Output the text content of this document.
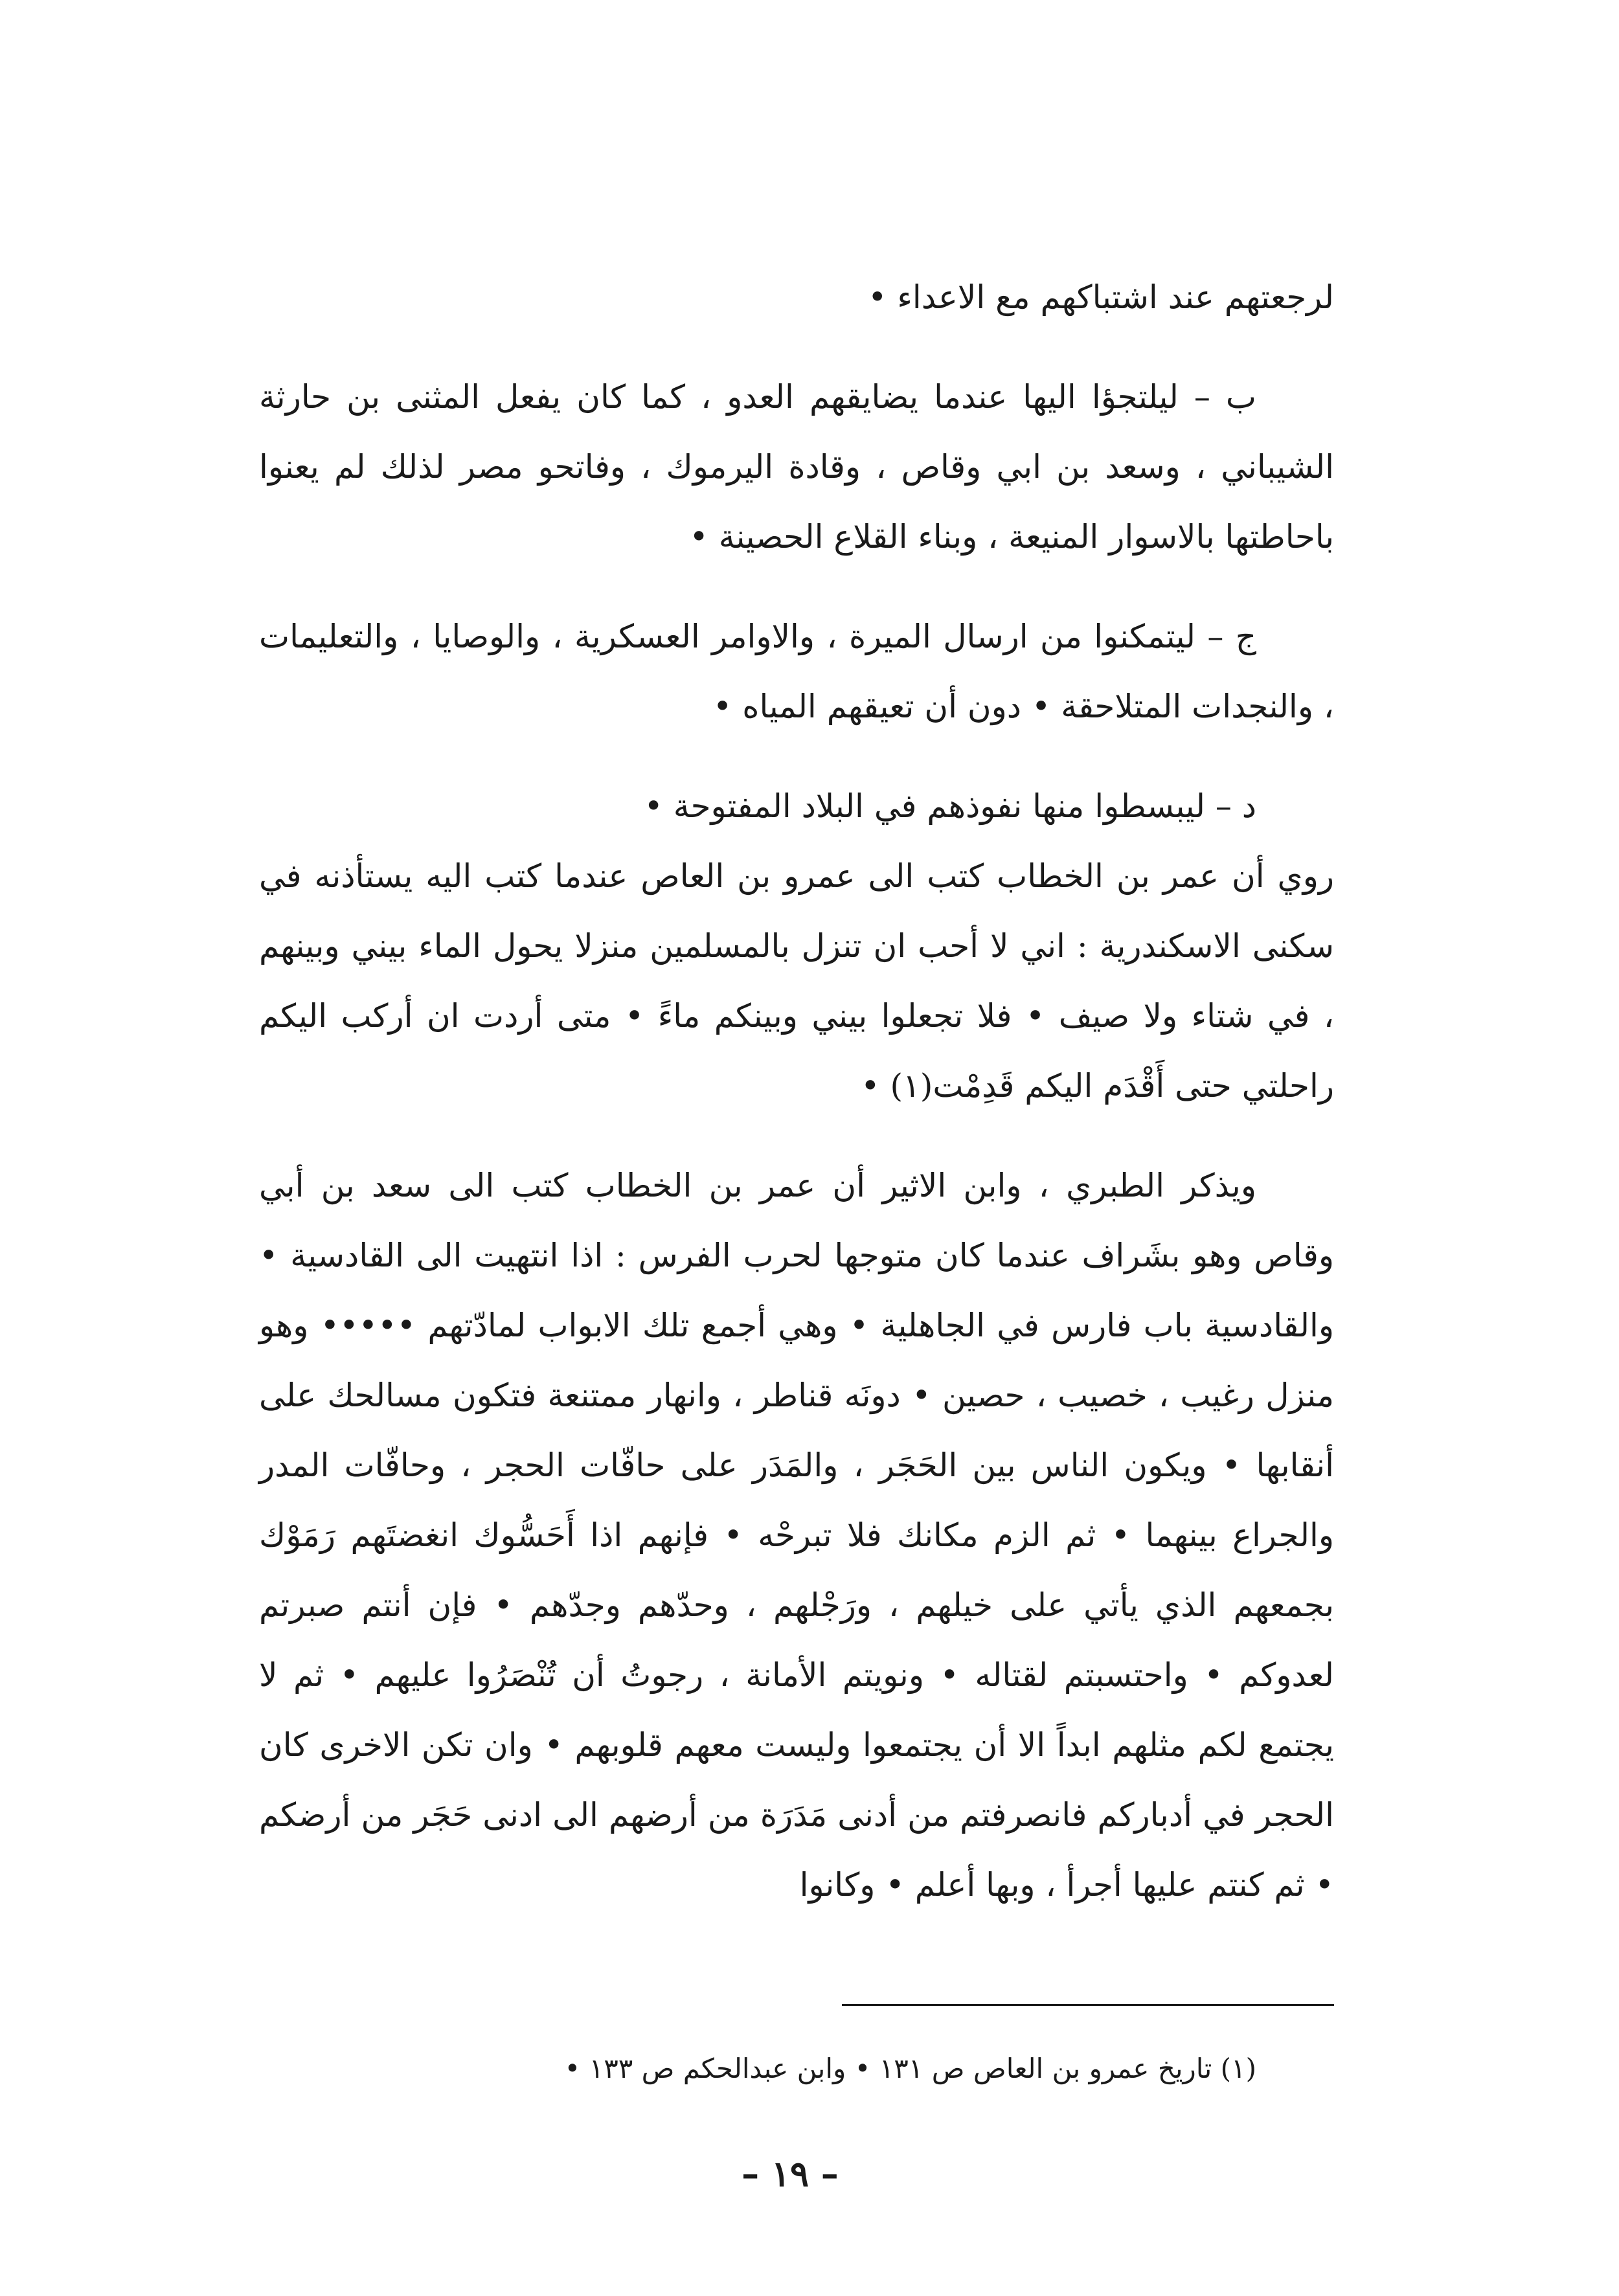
لرجعتهم عند اشتباكهم مع الاعداء •

ب – ليلتجؤا اليها عندما يضايقهم العدو ، كما كان يفعل المثنى بن حارثة الشيباني ، وسعد بن ابي وقاص ، وقادة اليرموك ، وفاتحو مصر لذلك لم يعنوا باحاطتها بالاسوار المنيعة ، وبناء القلاع الحصينة •

ج – ليتمكنوا من ارسال الميرة ، والاوامر العسكرية ، والوصايا ، والتعليمات ، والنجدات المتلاحقة • دون أن تعيقهم المياه •

د – ليبسطوا منها نفوذهم في البلاد المفتوحة •

روي أن عمر بن الخطاب كتب الى عمرو بن العاص عندما كتب اليه يستأذنه في سكنى الاسكندرية : اني لا أحب ان تنزل بالمسلمين منزلا يحول الماء بيني وبينهم ، في شتاء ولا صيف • فلا تجعلوا بيني وبينكم ماءً • متى أردت ان أركب اليكم راحلتي حتى أَقْدَم اليكم قَدِمْت(١) •

ويذكر الطبري ، وابن الاثير أن عمر بن الخطاب كتب الى سعد بن أبي وقاص وهو بشَراف عندما كان متوجها لحرب الفرس : اذا انتهيت الى القادسية • والقادسية باب فارس في الجاهلية • وهي أجمع تلك الابواب لمادّتهم ••••• وهو منزل رغيب ، خصيب ، حصين • دونَه قناطر ، وانهار ممتنعة فتكون مسالحك على أنقابها • ويكون الناس بين الحَجَر ، والمَدَر على حافّات الحجر ، وحافّات المدر والجراع بينهما • ثم الزم مكانك فلا تبرحْه • فإنهم اذا أَحَسُّوك انغضتَهم رَمَوْك بجمعهم الذي يأتي على خيلهم ، ورَجْلهم ، وحدّهم وجدّهم • فإن أنتم صبرتم لعدوكم • واحتسبتم لقتاله • ونويتم الأمانة ، رجوتُ أن تُنْصَرُوا عليهم • ثم لا يجتمع لكم مثلهم ابداً الا أن يجتمعوا وليست معهم قلوبهم • وان تكن الاخرى كان الحجر في أدباركم فانصرفتم من أدنى مَدَرَة من أرضهم الى ادنى حَجَر من أرضكم • ثم كنتم عليها أجرأ ، وبها أعلم • وكانوا

(١) تاريخ عمرو بن العاص ص ١٣١ • وابن عبدالحكم ص ١٣٣ •
– ١٩ –
